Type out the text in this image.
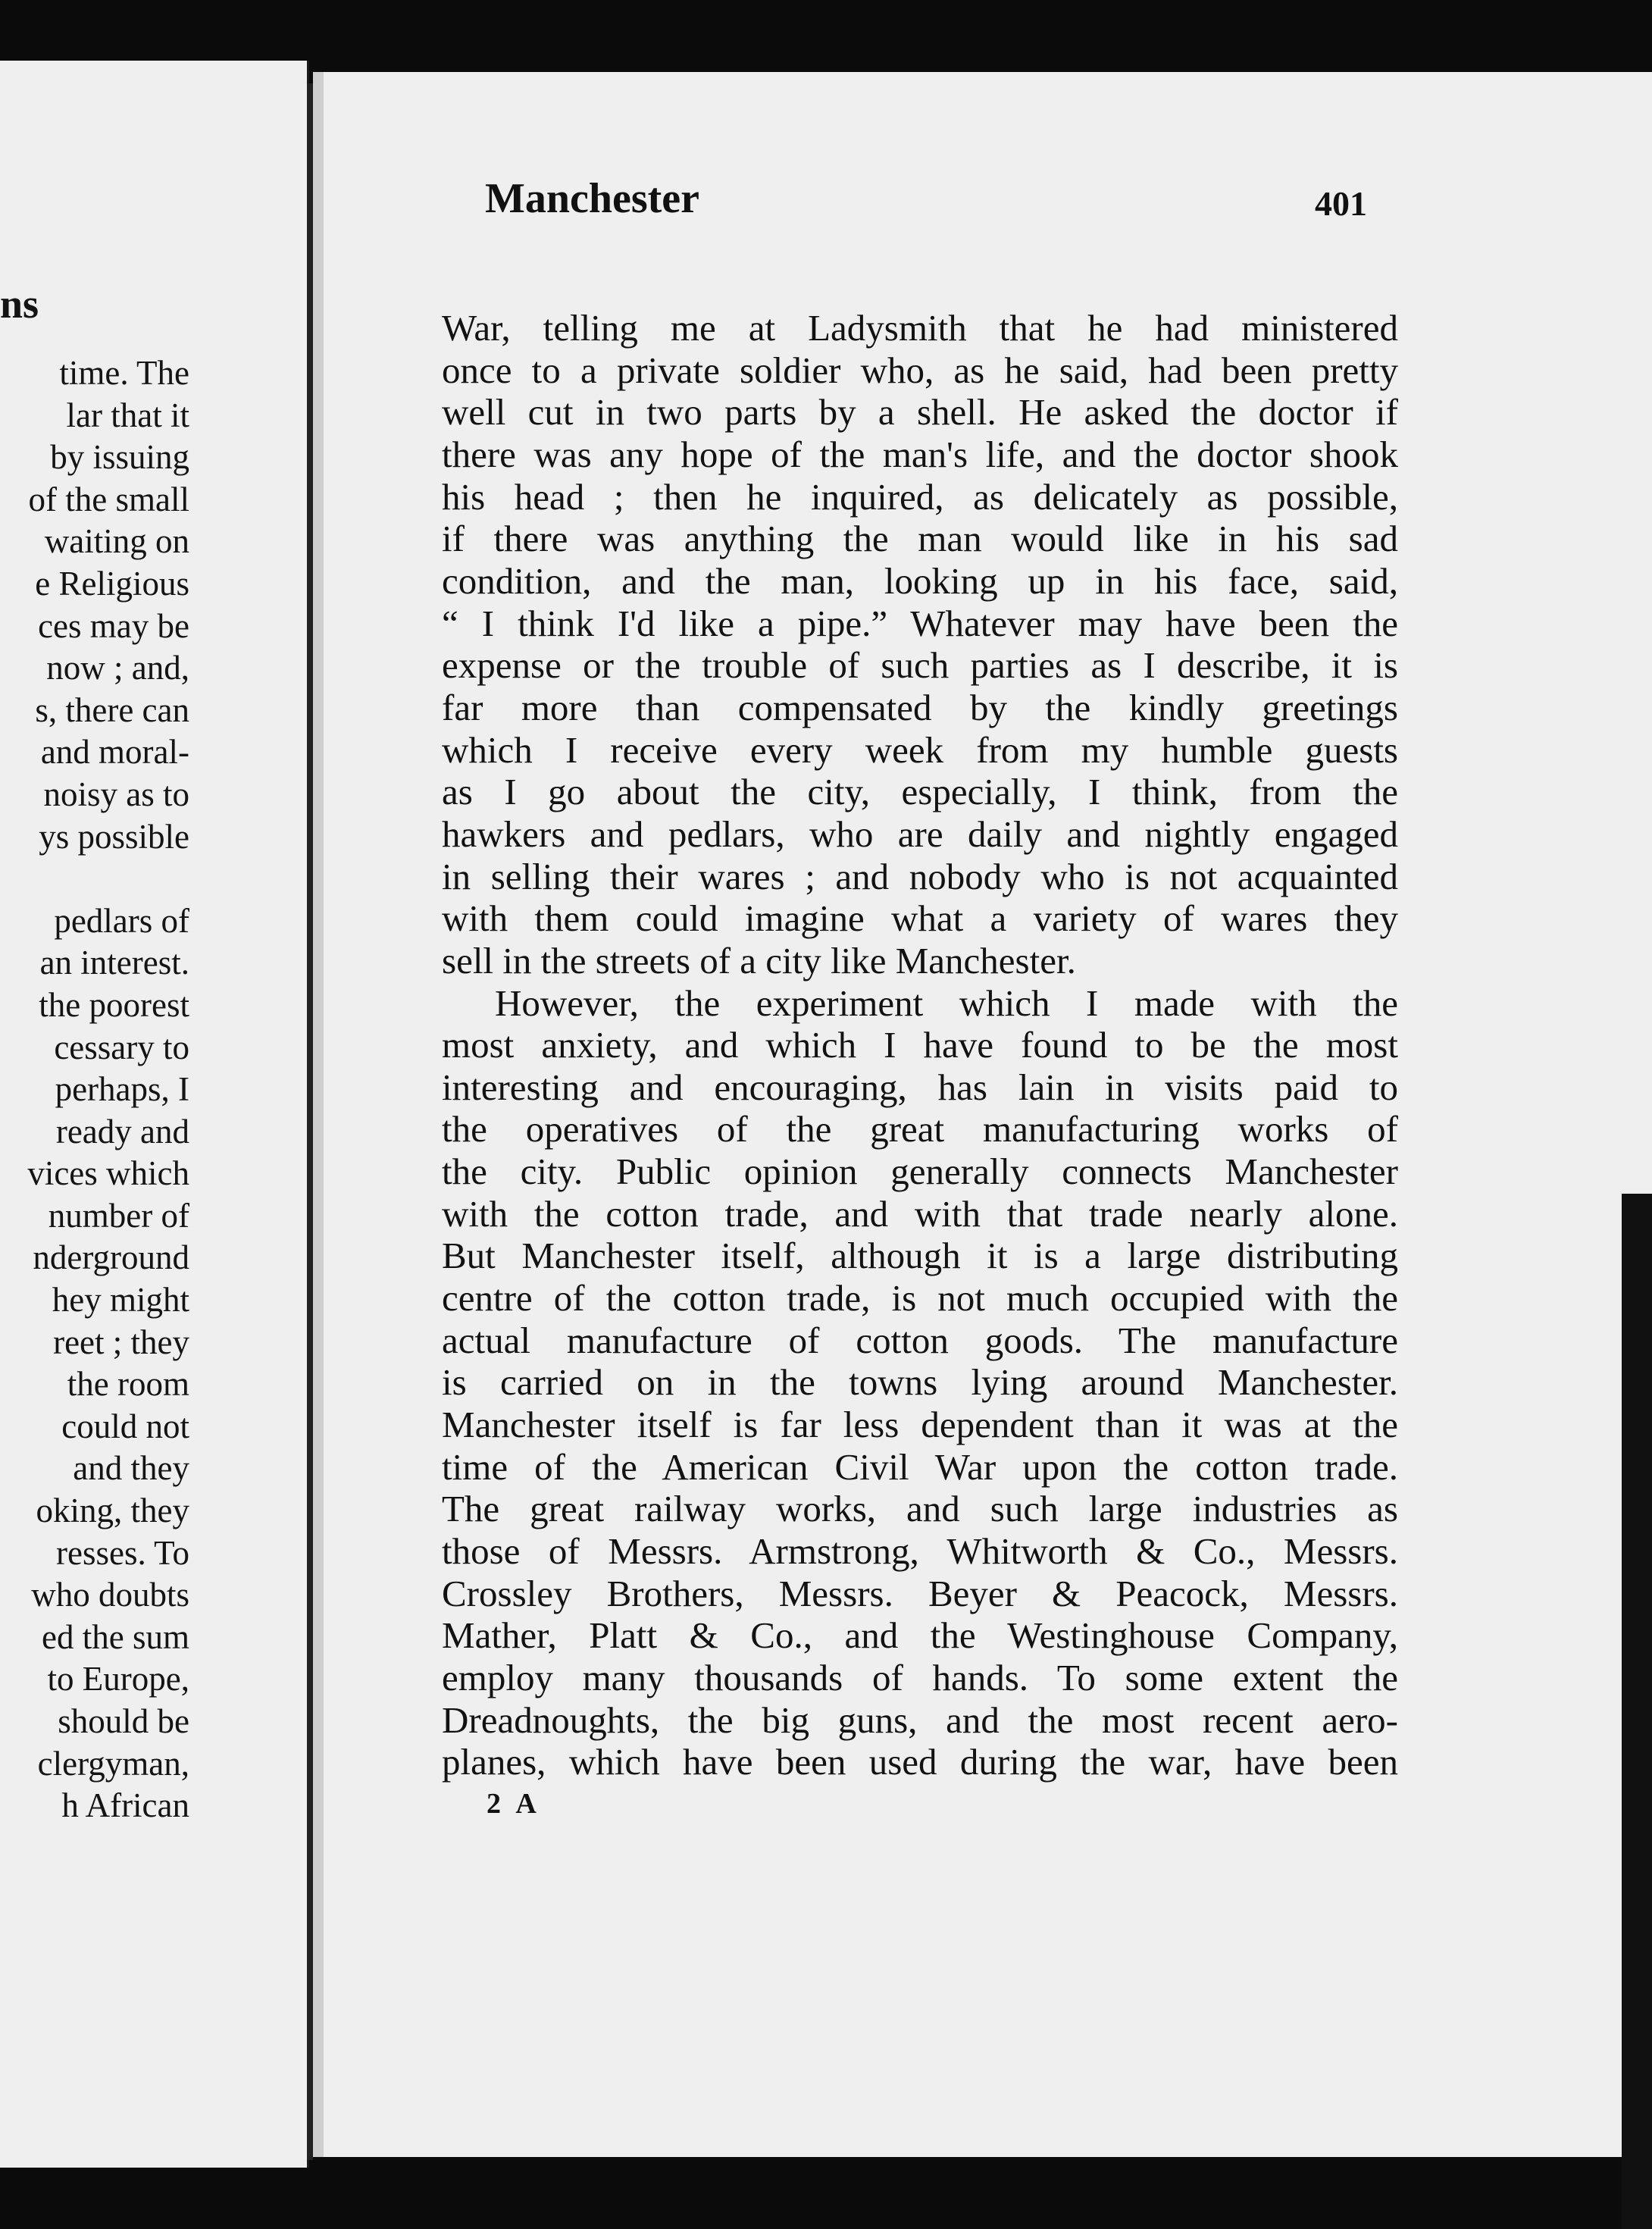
ns
time. The
lar that it
by issuing
of the small
waiting on
e Religious
ces may be
now ; and,
s, there can
and moral-
noisy as to
ys possible
pedlars of
an interest.
the poorest
cessary to
perhaps, I
ready and
vices which
number of
nderground
hey might
reet ; they
the room
could not
and they
oking, they
resses. To
who doubts
ed the sum
to Europe,
should be
clergyman,
h African
Manchester	401
War, telling me at Ladysmith that he had ministered
once to a private soldier who, as he said, had been pretty
well cut in two parts by a shell. He asked the doctor if
there was any hope of the man's life, and the doctor shook
his head ; then he inquired, as delicately as possible,
if there was anything the man would like in his sad
condition, and the man, looking up in his face, said,
“ I think I'd like a pipe.” Whatever may have been the
expense or the trouble of such parties as I describe, it is
far more than compensated by the kindly greetings
which I receive every week from my humble guests
as I go about the city, especially, I think, from the
hawkers and pedlars, who are daily and nightly engaged
in selling their wares ; and nobody who is not acquainted
with them could imagine what a variety of wares they
sell in the streets of a city like Manchester.
However, the experiment which I made with the
most anxiety, and which I have found to be the most
interesting and encouraging, has lain in visits paid to
the operatives of the great manufacturing works of
the city. Public opinion generally connects Manchester
with the cotton trade, and with that trade nearly alone.
But Manchester itself, although it is a large distributing
centre of the cotton trade, is not much occupied with the
actual manufacture of cotton goods. The manufacture
is carried on in the towns lying around Manchester.
Manchester itself is far less dependent than it was at the
time of the American Civil War upon the cotton trade.
The great railway works, and such large industries as
those of Messrs. Armstrong, Whitworth & Co., Messrs.
Crossley Brothers, Messrs. Beyer & Peacock, Messrs.
Mather, Platt & Co., and the Westinghouse Company,
employ many thousands of hands. To some extent the
Dreadnoughts, the big guns, and the most recent aero-
planes, which have been used during the war, have been
2 A
